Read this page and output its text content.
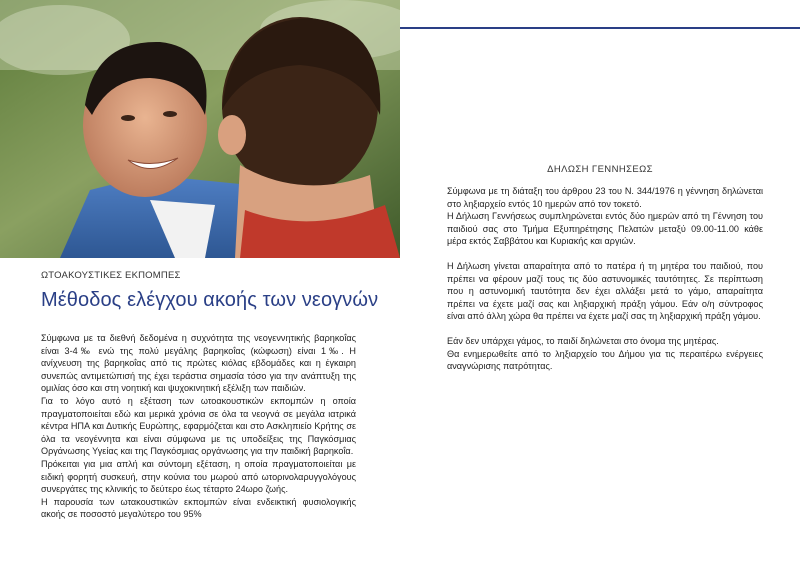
ΩΤΟΑΚΟΥΣΤΙΚΕΣ ΕΚΠΟΜΠΕΣ
Μέθοδος ελέγχου ακοής των νεογνών

Σύμφωνα με τα διεθνή δεδομένα η συχνότητα της νεογεννητικής βαρηκοΐας είναι 3-4‰ ενώ της πολύ μεγάλης βαρηκοΐας (κώφωση) είναι 1‰. Η ανίχνευση της βαρηκοΐας από τις πρώτες κιόλας εβδομάδες και η έγκαιρη συνεπώς αντιμετώπισή της έχει τεράστια σημασία τόσο για την ανάπτυξη της ομιλίας όσο και στη νοητική και ψυχοκινητική εξέλιξη των παιδιών.

Για το λόγο αυτό η εξέταση των ωτοακουστικών εκπομπών η οποία πραγματοποιείται εδώ και μερικά χρόνια σε όλα τα νεογνά σε μεγάλα ιατρικά κέντρα ΗΠΑ και Δυτικής Ευρώπης, εφαρμόζεται και στο Ασκληπιείο Κρήτης σε όλα τα νεογέννητα και είναι σύμφωνα με τις υποδείξεις της Παγκόσμιας Οργάνωσης Υγείας και της Παγκόσμιας οργάνωσης για την παιδική βαρηκοΐα.

Πρόκειται για μια απλή και σύντομη εξέταση, η οποία πραγματοποιείται με ειδική φορητή συσκευή, στην κούνια του μωρού από ωτορινολαρυγγολόγους συνεργάτες της κλινικής το δεύτερο έως τέταρτο 24ωρο ζωής.

Η παρουσία των ωτακουστικών εκπομπών είναι ενδεικτική φυσιολογικής ακοής σε ποσοστό μεγαλύτερο του 95%

ΔΗΛΩΣΗ ΓΕΝΝΗΣΕΩΣ

Σύμφωνα με τη διάταξη του άρθρου 23 του Ν. 344/1976 η γέννηση δηλώνεται στο ληξιαρχείο εντός 10 ημερών από τον τοκετό.

Η Δήλωση Γεννήσεως συμπληρώνεται εντός δύο ημερών από τη Γέννηση του παιδιού σας στο Τμήμα Εξυπηρέτησης Πελατών μεταξύ 09.00-11.00 κάθε μέρα εκτός Σαββάτου και Κυριακής και αργιών.

Η Δήλωση γίνεται απαραίτητα από το πατέρα ή τη μητέρα του παιδιού, που πρέπει να φέρουν μαζί τους τις δύο αστυνομικές ταυτότητες. Σε περίπτωση που η αστυνομική ταυτότητα δεν έχει αλλάξει μετά το γάμο, απαραίτητα πρέπει να έχετε μαζί σας και ληξιαρχική πράξη γάμου. Εάν ο/η σύντροφος είναι από άλλη χώρα θα πρέπει να έχετε μαζί σας τη ληξιαρχική πράξη γάμου.

Εάν δεν υπάρχει γάμος, το παιδί δηλώνεται στο όνομα της μητέρας.

Θα ενημερωθείτε από το ληξιαρχείο του Δήμου για τις περαιτέρω ενέργειες αναγνώρισης πατρότητας.
